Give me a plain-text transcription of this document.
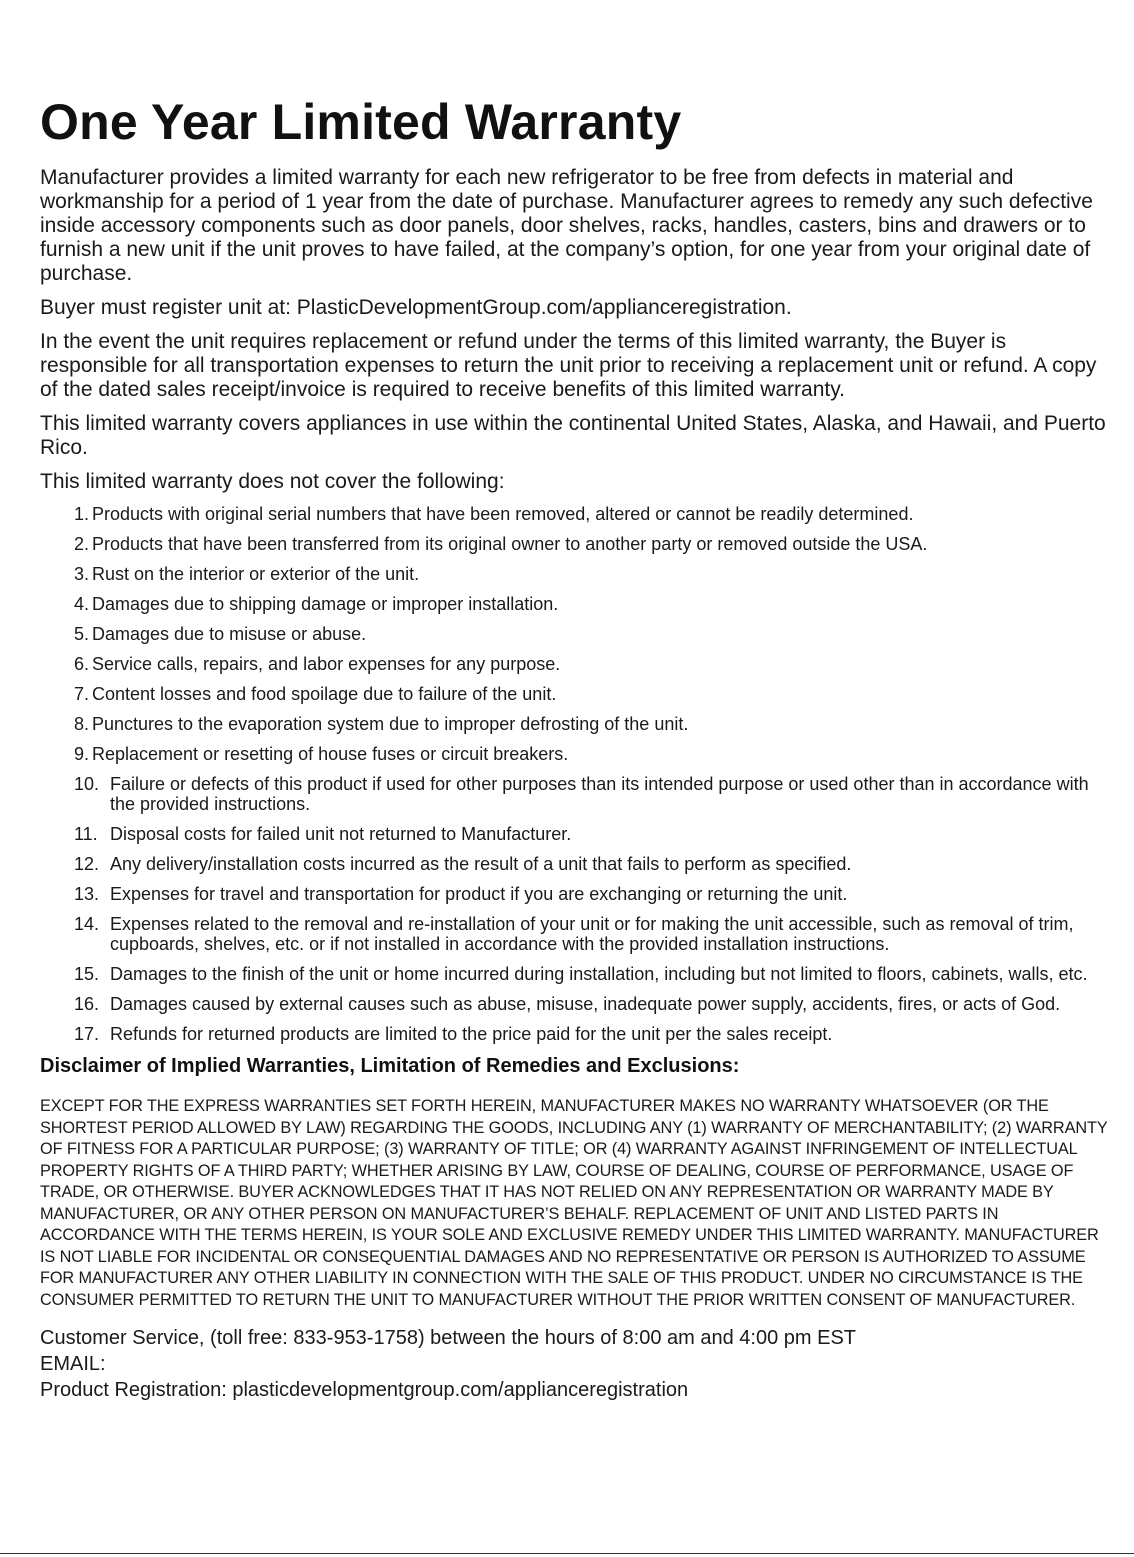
One Year Limited Warranty

Manufacturer provides a limited warranty for each new refrigerator to be free from defects in material and workmanship for a period of 1 year from the date of purchase. Manufacturer agrees to remedy any such defective inside accessory components such as door panels, door shelves, racks, handles, casters, bins and drawers or to furnish a new unit if the unit proves to have failed, at the company’s option, for one year from your original date of purchase.

Buyer must register unit at: PlasticDevelopmentGroup.com/applianceregistration.

In the event the unit requires replacement or refund under the terms of this limited warranty, the Buyer is responsible for all transportation expenses to return the unit prior to receiving a replacement unit or refund. A copy of the dated sales receipt/invoice is required to receive benefits of this limited warranty.

This limited warranty covers appliances in use within the continental United States, Alaska, and Hawaii, and Puerto Rico.

This limited warranty does not cover the following:

1. Products with original serial numbers that have been removed, altered or cannot be readily determined.
2. Products that have been transferred from its original owner to another party or removed outside the USA.
3. Rust on the interior or exterior of the unit.
4. Damages due to shipping damage or improper installation.
5. Damages due to misuse or abuse.
6. Service calls, repairs, and labor expenses for any purpose.
7. Content losses and food spoilage due to failure of the unit.
8. Punctures to the evaporation system due to improper defrosting of the unit.
9. Replacement or resetting of house fuses or circuit breakers.
10. Failure or defects of this product if used for other purposes than its intended purpose or used other than in accordance with the provided instructions.
11. Disposal costs for failed unit not returned to Manufacturer.
12. Any delivery/installation costs incurred as the result of a unit that fails to perform as specified.
13. Expenses for travel and transportation for product if you are exchanging or returning the unit.
14. Expenses related to the removal and re-installation of your unit or for making the unit accessible, such as removal of trim, cupboards, shelves, etc. or if not installed in accordance with the provided installation instructions.
15. Damages to the finish of the unit or home incurred during installation, including but not limited to floors, cabinets, walls, etc.
16. Damages caused by external causes such as abuse, misuse, inadequate power supply, accidents, fires, or acts of God.
17. Refunds for returned products are limited to the price paid for the unit per the sales receipt.
Disclaimer of Implied Warranties, Limitation of Remedies and Exclusions:

EXCEPT FOR THE EXPRESS WARRANTIES SET FORTH HEREIN, MANUFACTURER MAKES NO WARRANTY WHATSOEVER (OR THE SHORTEST PERIOD ALLOWED BY LAW) REGARDING THE GOODS, INCLUDING ANY (1) WARRANTY OF MERCHANTABILITY; (2) WARRANTY OF FITNESS FOR A PARTICULAR PURPOSE; (3) WARRANTY OF TITLE; OR (4) WARRANTY AGAINST INFRINGEMENT OF INTELLECTUAL PROPERTY RIGHTS OF A THIRD PARTY; WHETHER ARISING BY LAW, COURSE OF DEALING, COURSE OF PERFORMANCE, USAGE OF TRADE, OR OTHERWISE. BUYER ACKNOWLEDGES THAT IT HAS NOT RELIED ON ANY REPRESENTATION OR WARRANTY MADE BY MANUFACTURER, OR ANY OTHER PERSON ON MANUFACTURER’S BEHALF. REPLACEMENT OF UNIT AND LISTED PARTS IN ACCORDANCE WITH THE TERMS HEREIN, IS YOUR SOLE AND EXCLUSIVE REMEDY UNDER THIS LIMITED WARRANTY. MANUFACTURER IS NOT LIABLE FOR INCIDENTAL OR CONSEQUENTIAL DAMAGES AND NO REPRESENTATIVE OR PERSON IS AUTHORIZED TO ASSUME FOR MANUFACTURER ANY OTHER LIABILITY IN CONNECTION WITH THE SALE OF THIS PRODUCT. UNDER NO CIRCUMSTANCE IS THE CONSUMER PERMITTED TO RETURN THE UNIT TO MANUFACTURER WITHOUT THE PRIOR WRITTEN CONSENT OF MANUFACTURER.

Customer Service, (toll free: 833-953-1758) between the hours of 8:00 am and 4:00 pm EST

EMAIL:

Product Registration: plasticdevelopmentgroup.com/applianceregistration
